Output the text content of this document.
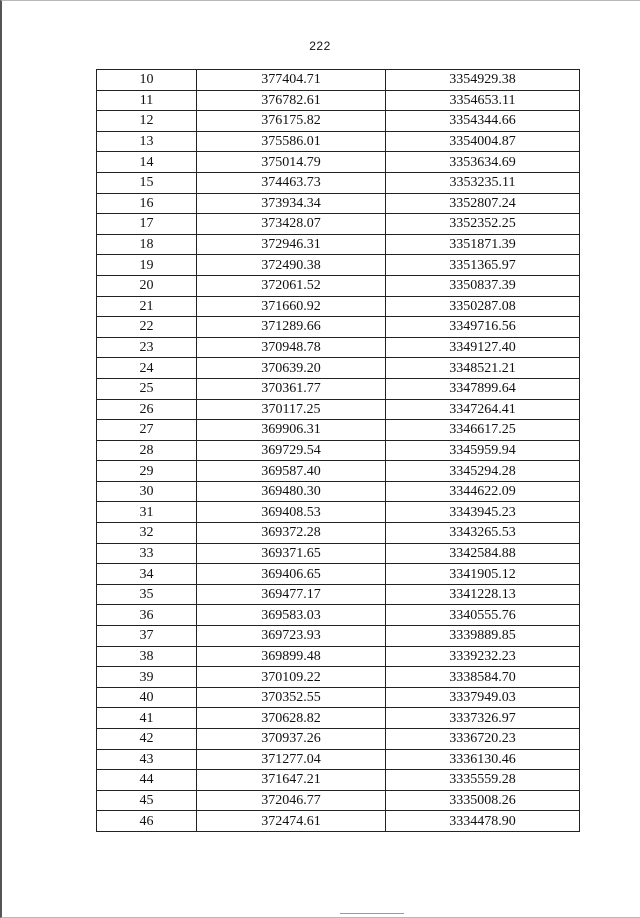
222
10	377404.71	3354929.38
11	376782.61	3354653.11
12	376175.82	3354344.66
13	375586.01	3354004.87
14	375014.79	3353634.69
15	374463.73	3353235.11
16	373934.34	3352807.24
17	373428.07	3352352.25
18	372946.31	3351871.39
19	372490.38	3351365.97
20	372061.52	3350837.39
21	371660.92	3350287.08
22	371289.66	3349716.56
23	370948.78	3349127.40
24	370639.20	3348521.21
25	370361.77	3347899.64
26	370117.25	3347264.41
27	369906.31	3346617.25
28	369729.54	3345959.94
29	369587.40	3345294.28
30	369480.30	3344622.09
31	369408.53	3343945.23
32	369372.28	3343265.53
33	369371.65	3342584.88
34	369406.65	3341905.12
35	369477.17	3341228.13
36	369583.03	3340555.76
37	369723.93	3339889.85
38	369899.48	3339232.23
39	370109.22	3338584.70
40	370352.55	3337949.03
41	370628.82	3337326.97
42	370937.26	3336720.23
43	371277.04	3336130.46
44	371647.21	3335559.28
45	372046.77	3335008.26
46	372474.61	3334478.90
